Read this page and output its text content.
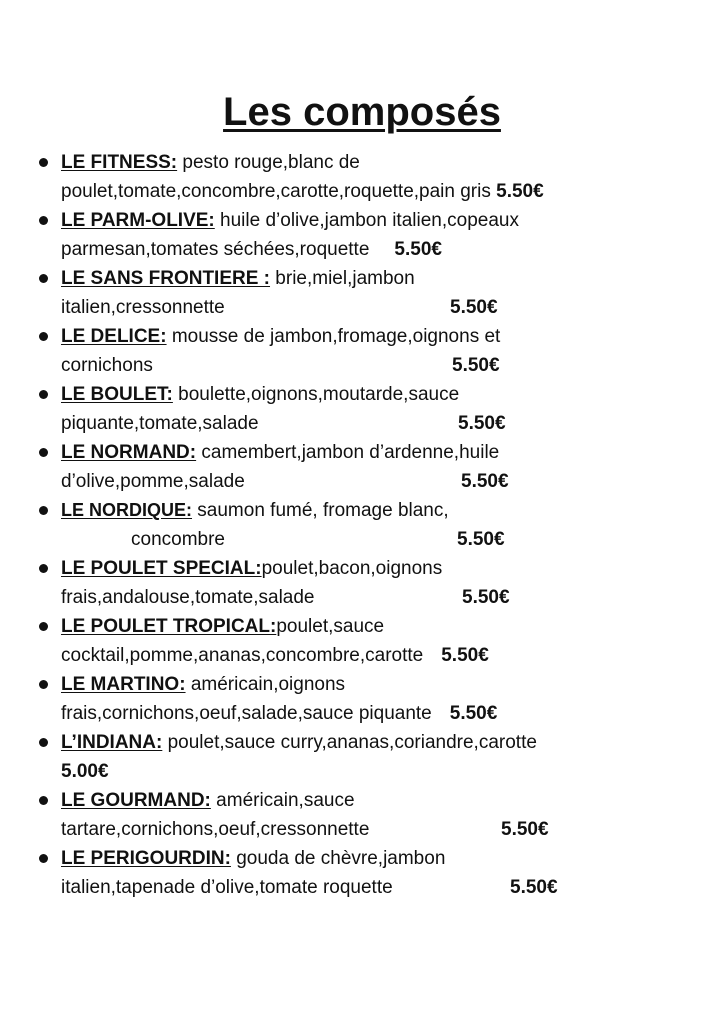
Les composés
LE FITNESS: pesto rouge,blanc de
poulet,tomate,concombre,carotte,roquette,pain gris 5.50€
LE PARM-OLIVE: huile d’olive,jambon italien,copeaux
parmesan,tomates séchées,roquette 5.50€
LE SANS FRONTIERE : brie,miel,jambon
italien,cressonnette	5.50€
LE DELICE: mousse de jambon,fromage,oignons et
cornichons	5.50€
LE BOULET: boulette,oignons,moutarde,sauce
piquante,tomate,salade	5.50€
LE NORMAND: camembert,jambon d’ardenne,huile
d’olive,pomme,salade	5.50€
LE NORDIQUE: saumon fumé, fromage blanc,
concombre	5.50€
LE POULET SPECIAL:poulet,bacon,oignons
frais,andalouse,tomate,salade	5.50€
LE POULET TROPICAL:poulet,sauce
cocktail,pomme,ananas,concombre,carotte 5.50€
LE MARTINO: américain,oignons
frais,cornichons,oeuf,salade,sauce piquante 5.50€
L’INDIANA: poulet,sauce curry,ananas,coriandre,carotte
5.00€
LE GOURMAND: américain,sauce
tartare,cornichons,oeuf,cressonnette	5.50€
LE PERIGOURDIN: gouda de chèvre,jambon
italien,tapenade d’olive,tomate roquette	5.50€
